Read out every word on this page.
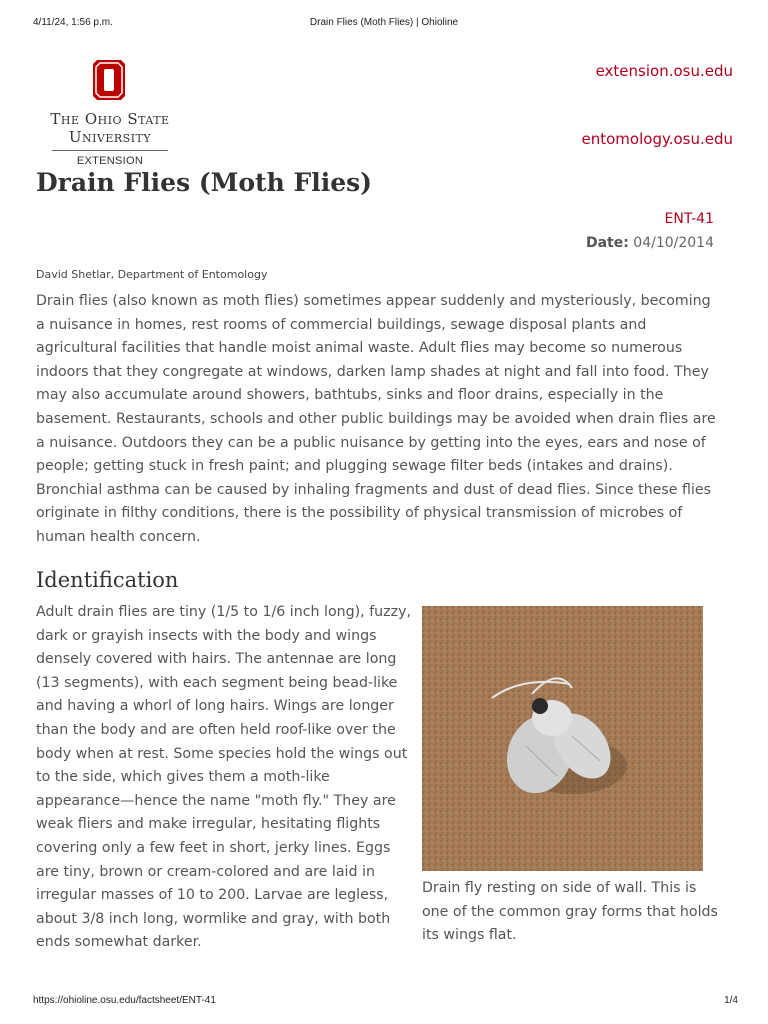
4/11/24, 1:56 p.m.	Drain Flies (Moth Flies) | Ohioline
The Ohio State
University
EXTENSION
extension.osu.edu
entomology.osu.edu
Drain Flies (Moth Flies)
ENT-41
Date: 04/10/2014
David Shetlar, Department of Entomology

Drain flies (also known as moth flies) sometimes appear suddenly and mysteriously, becoming a nuisance in homes, rest rooms of commercial buildings, sewage disposal plants and agricultural facilities that handle moist animal waste. Adult flies may become so numerous indoors that they congregate at windows, darken lamp shades at night and fall into food. They may also accumulate around showers, bathtubs, sinks and floor drains, especially in the basement. Restaurants, schools and other public buildings may be avoided when drain flies are a nuisance. Outdoors they can be a public nuisance by getting into the eyes, ears and nose of people; getting stuck in fresh paint; and plugging sewage filter beds (intakes and drains). Bronchial asthma can be caused by inhaling fragments and dust of dead flies. Since these flies originate in filthy conditions, there is the possibility of physical transmission of microbes of human health concern.

Identification

Adult drain flies are tiny (1/5 to 1/6 inch long), fuzzy, dark or grayish insects with the body and wings densely covered with hairs. The antennae are long (13 segments), with each segment being bead-like and having a whorl of long hairs. Wings are longer than the body and are often held roof-like over the body when at rest. Some species hold the wings out to the side, which gives them a moth-like appearance—hence the name "moth fly." They are weak fliers and make irregular, hesitating flights covering only a few feet in short, jerky lines. Eggs are tiny, brown or cream-colored and are laid in irregular masses of 10 to 200. Larvae are legless, about 3/8 inch long, wormlike and gray, with both ends somewhat darker.

Drain fly resting on side of wall. This is one of the common gray forms that holds its wings flat.

https://ohioline.osu.edu/factsheet/ENT-41	1/4
